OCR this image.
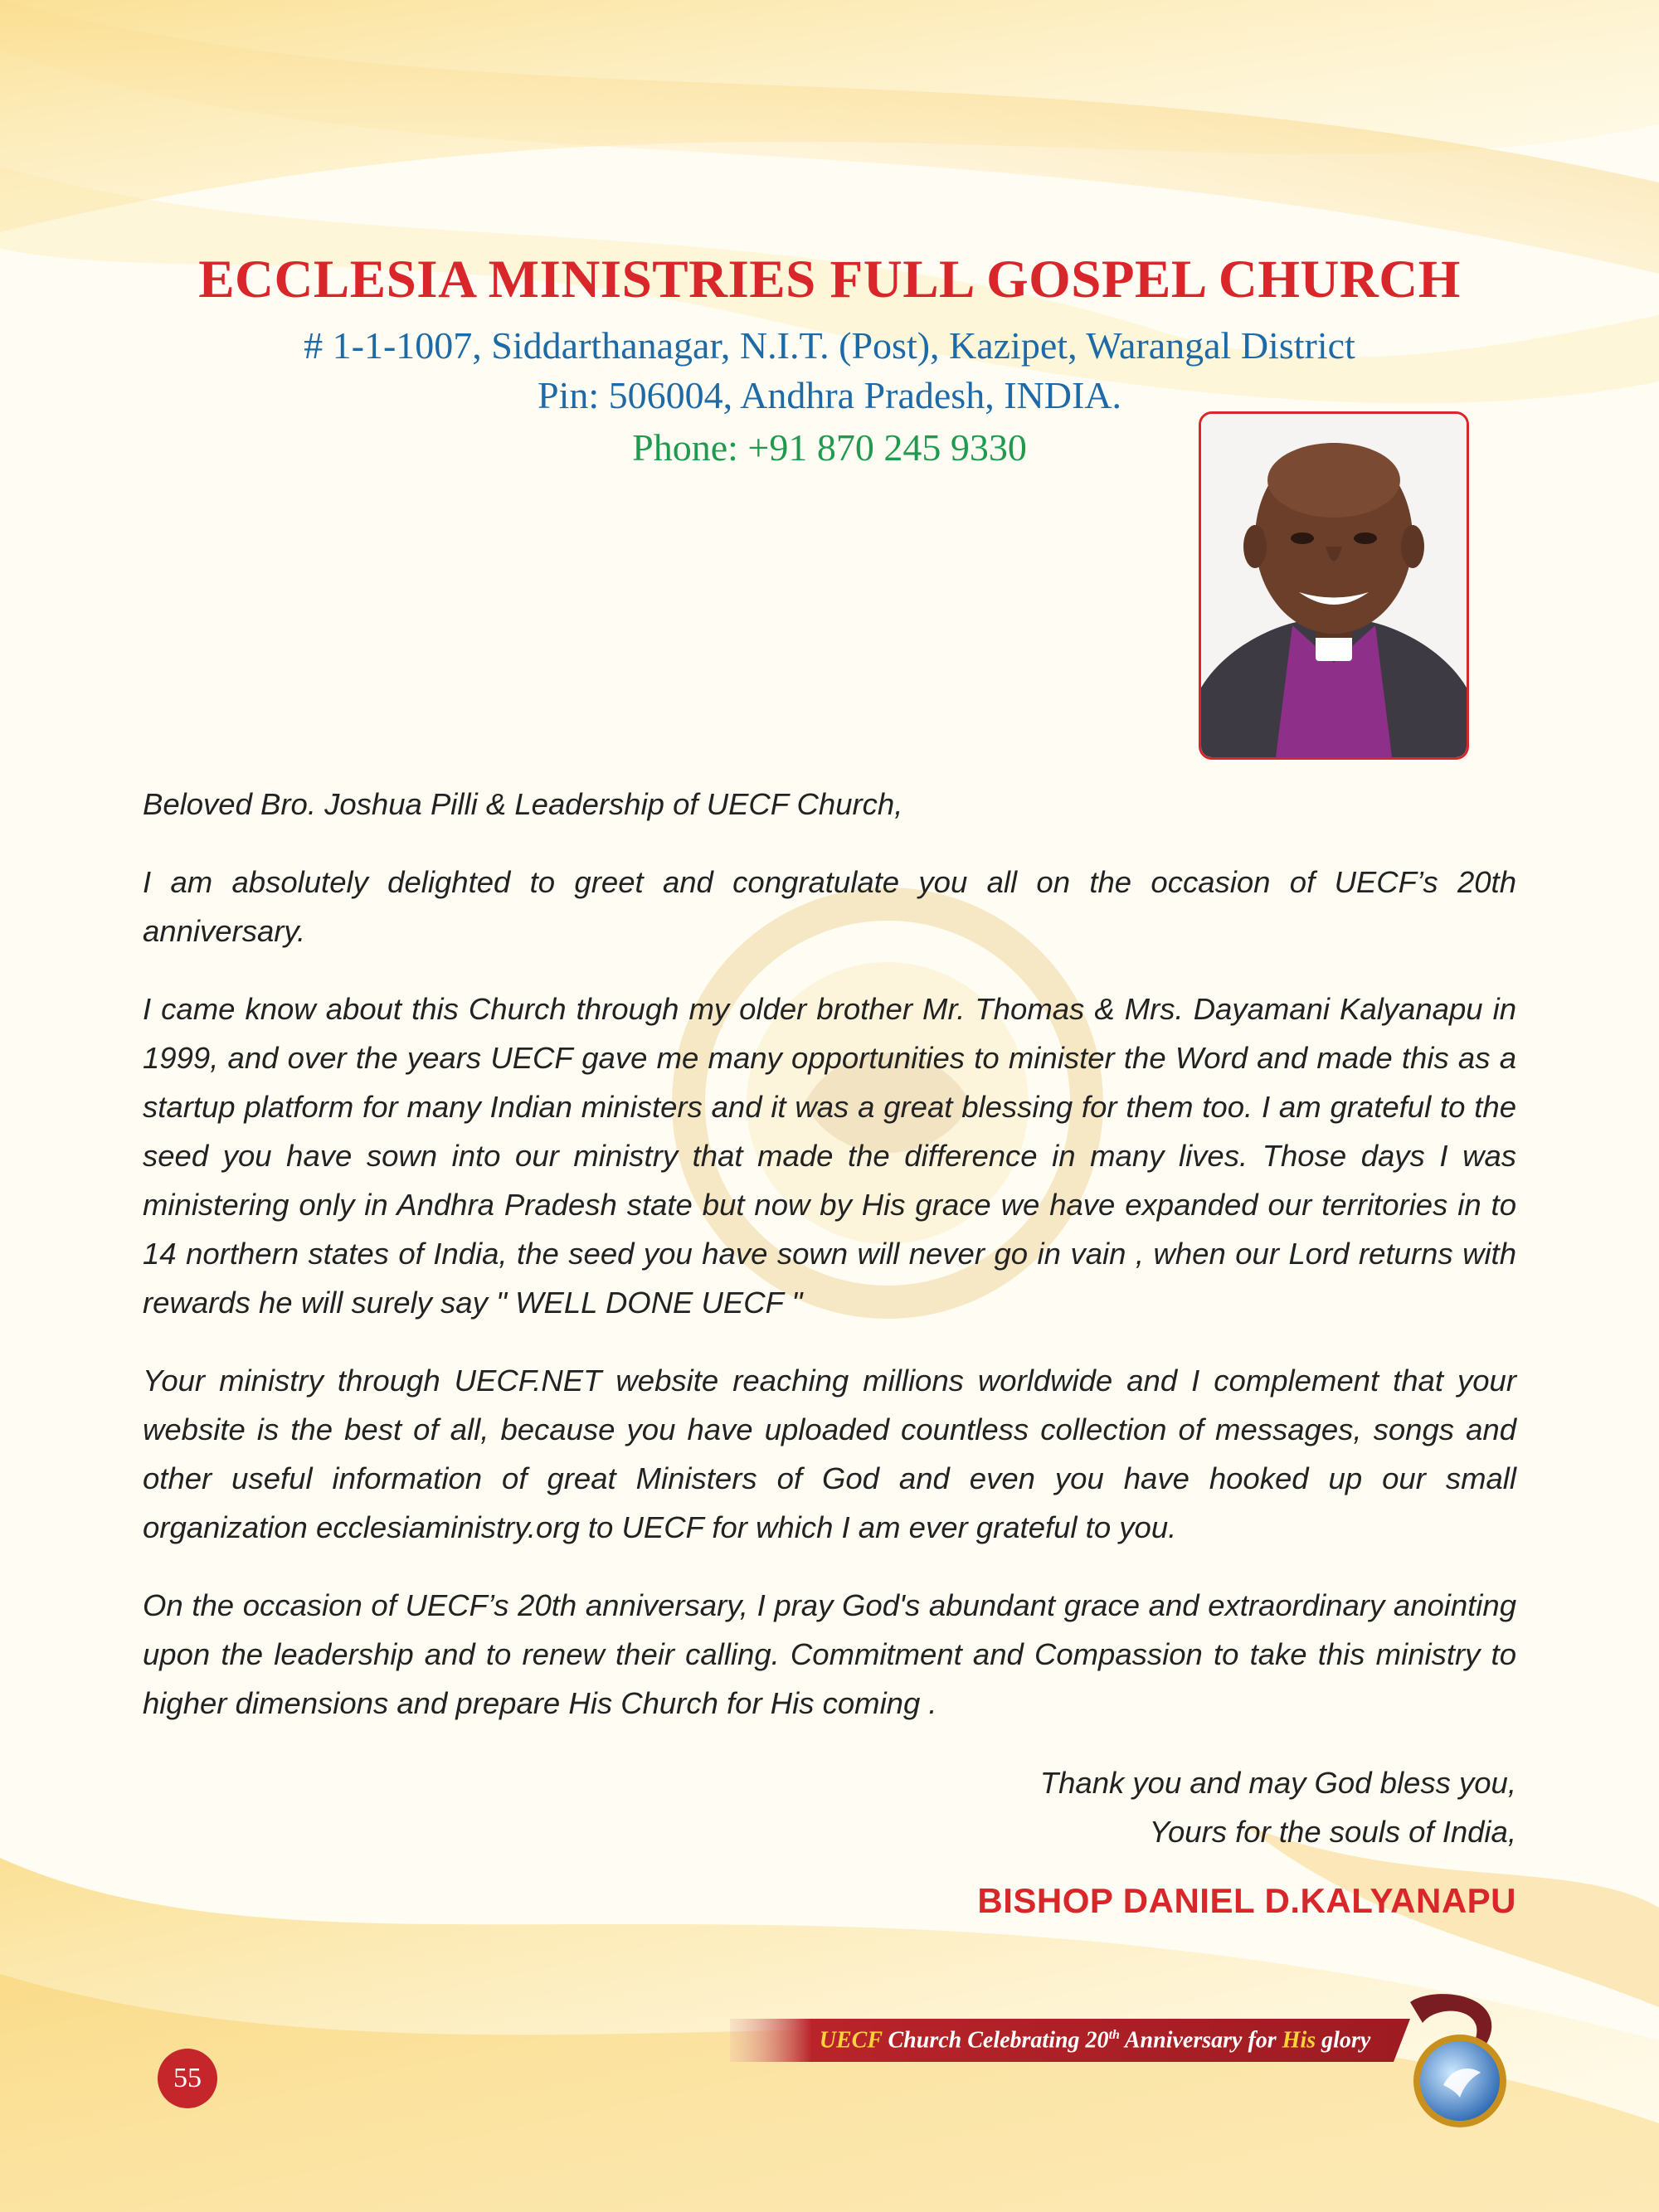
ECCLESIA MINISTRIES FULL GOSPEL CHURCH
# 1-1-1007, Siddarthanagar, N.I.T. (Post), Kazipet, Warangal District
Pin: 506004, Andhra Pradesh, INDIA.
Phone: +91 870 245 9330

Beloved Bro. Joshua Pilli & Leadership of UECF Church,

I am absolutely delighted to greet and congratulate you all on the occasion of UECF’s 20th anniversary.

I came know about this Church through my older brother Mr. Thomas & Mrs. Dayamani Kalyanapu in 1999, and over the years UECF gave me many opportunities to minister the Word and made this as a startup platform for many Indian ministers and it was a great blessing for them too. I am grateful to the seed you have sown into our ministry that made the difference in many lives. Those days I was ministering only in Andhra Pradesh state but now by His grace we have expanded our territories in to 14 northern states of India, the seed you have sown will never go in vain , when our Lord returns with rewards he will surely say " WELL DONE UECF "

Your ministry through UECF.NET website reaching millions worldwide and I complement that your website is the best of all, because you have uploaded countless collection of messages, songs and other useful information of great Ministers of God and even you have hooked up our small organization ecclesiaministry.org to UECF for which I am ever grateful to you.

On the occasion of UECF’s 20th anniversary, I pray God's abundant grace and extraordinary anointing upon the leadership and to renew their calling. Commitment and Compassion to take this ministry to higher dimensions and prepare His Church for His coming .

Thank you and may God bless you,
Yours for the souls of India,
BISHOP DANIEL D.KALYANAPU
55
UECF Church Celebrating 20th Anniversary for His glory
